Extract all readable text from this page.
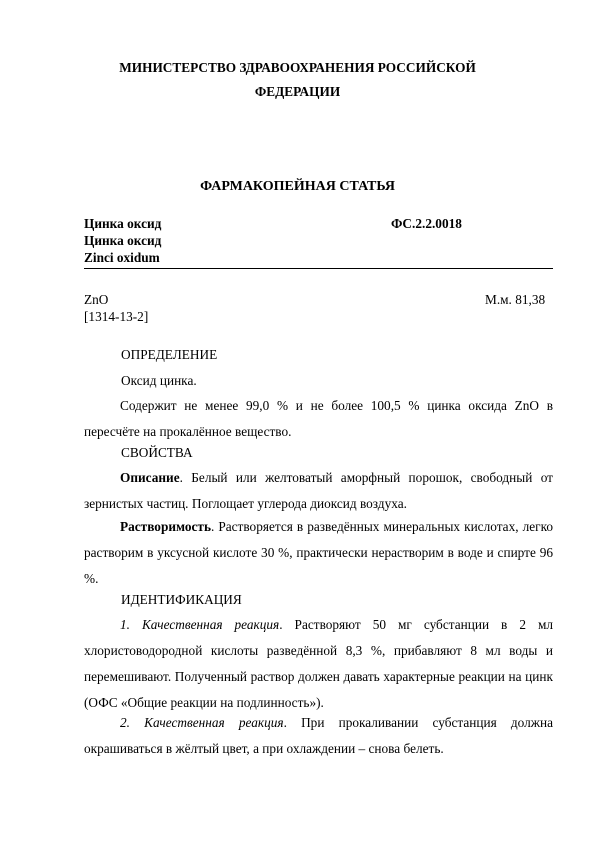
МИНИСТЕРСТВО ЗДРАВООХРАНЕНИЯ РОССИЙСКОЙ
ФЕДЕРАЦИИ
ФАРМАКОПЕЙНАЯ СТАТЬЯ
Цинка оксид	ФС.2.2.0018
Цинка оксид
Zinci oxidum
ZnO	М.м. 81,38
[1314-13-2]
ОПРЕДЕЛЕНИЕ
Оксид цинка.
Содержит не менее 99,0 % и не более 100,5 % цинка оксида ZnO в пересчёте на прокалённое вещество.
СВОЙСТВА
Описание. Белый или желтоватый аморфный порошок, свободный от зернистых частиц. Поглощает углерода диоксид воздуха.
Растворимость. Растворяется в разведённых минеральных кислотах, легко растворим в уксусной кислоте 30 %, практически нерастворим в воде и спирте 96 %.
ИДЕНТИФИКАЦИЯ
1. Качественная реакция. Растворяют 50 мг субстанции в 2 мл хлористоводородной кислоты разведённой 8,3 %, прибавляют 8 мл воды и перемешивают. Полученный раствор должен давать характерные реакции на цинк (ОФС «Общие реакции на подлинность»).
2. Качественная реакция. При прокаливании субстанция должна окрашиваться в жёлтый цвет, а при охлаждении – снова белеть.
